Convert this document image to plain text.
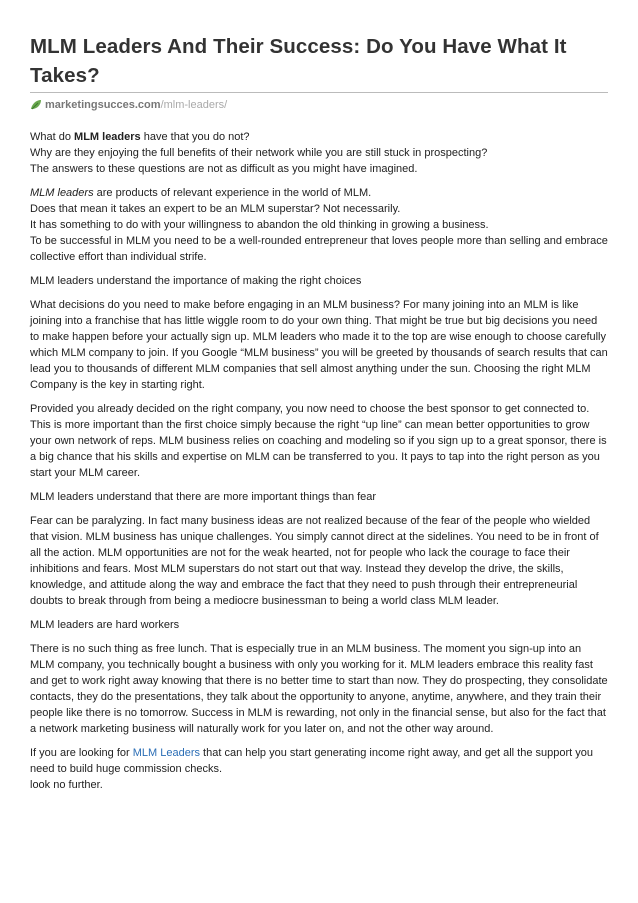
MLM Leaders And Their Success: Do You Have What It Takes?
marketingsucces.com/mlm-leaders/

What do MLM leaders have that you do not?
Why are they enjoying the full benefits of their network while you are still stuck in prospecting?
The answers to these questions are not as difficult as you might have imagined.

MLM leaders are products of relevant experience in the world of MLM.
Does that mean it takes an expert to be an MLM superstar? Not necessarily.
It has something to do with your willingness to abandon the old thinking in growing a business.
To be successful in MLM you need to be a well-rounded entrepreneur that loves people more than selling and embrace collective effort than individual strife.

MLM leaders understand the importance of making the right choices

What decisions do you need to make before engaging in an MLM business? For many joining into an MLM is like joining into a franchise that has little wiggle room to do your own thing. That might be true but big decisions you need to make happen before your actually sign up. MLM leaders who made it to the top are wise enough to choose carefully which MLM company to join. If you Google “MLM business” you will be greeted by thousands of search results that can lead you to thousands of different MLM companies that sell almost anything under the sun. Choosing the right MLM Company is the key in starting right.

Provided you already decided on the right company, you now need to choose the best sponsor to get connected to. This is more important than the first choice simply because the right “up line” can mean better opportunities to grow your own network of reps. MLM business relies on coaching and modeling so if you sign up to a great sponsor, there is a big chance that his skills and expertise on MLM can be transferred to you. It pays to tap into the right person as you start your MLM career.

MLM leaders understand that there are more important things than fear

Fear can be paralyzing. In fact many business ideas are not realized because of the fear of the people who wielded that vision. MLM business has unique challenges. You simply cannot direct at the sidelines. You need to be in front of all the action. MLM opportunities are not for the weak hearted, not for people who lack the courage to face their inhibitions and fears. Most MLM superstars do not start out that way. Instead they develop the drive, the skills, knowledge, and attitude along the way and embrace the fact that they need to push through their entrepreneurial doubts to break through from being a mediocre businessman to being a world class MLM leader.

MLM leaders are hard workers

There is no such thing as free lunch. That is especially true in an MLM business. The moment you sign-up into an MLM company, you technically bought a business with only you working for it. MLM leaders embrace this reality fast and get to work right away knowing that there is no better time to start than now. They do prospecting, they consolidate contacts, they do the presentations, they talk about the opportunity to anyone, anytime, anywhere, and they train their people like there is no tomorrow. Success in MLM is rewarding, not only in the financial sense, but also for the fact that a network marketing business will naturally work for you later on, and not the other way around.

If you are looking for MLM Leaders that can help you start generating income right away, and get all the support you need to build huge commission checks.
look no further.
